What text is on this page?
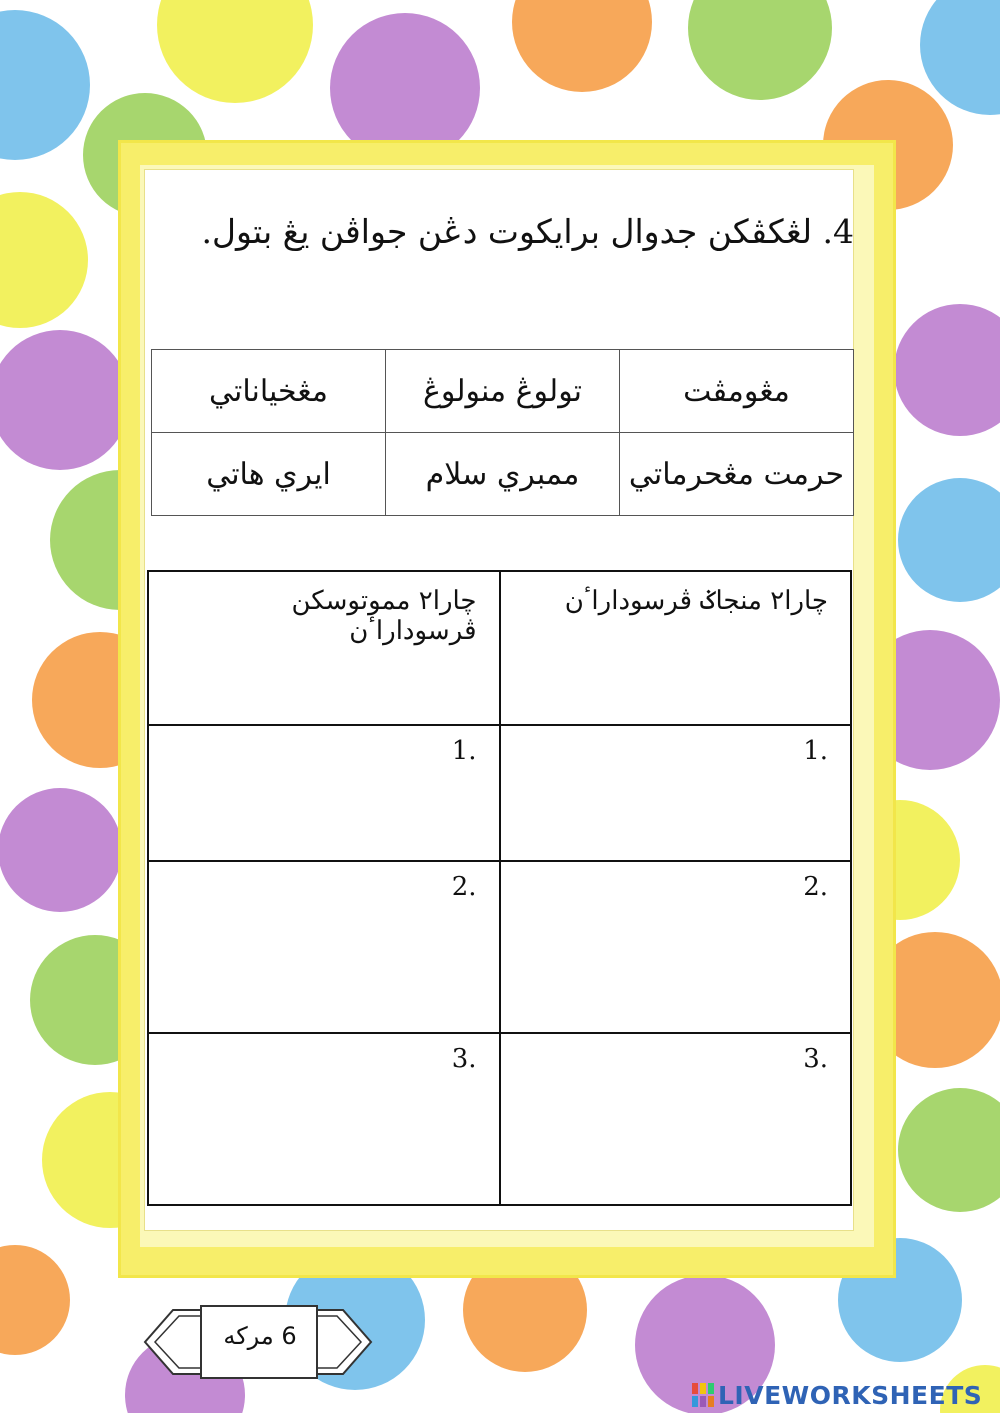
4. لڠكڤكن جدوال برايكوت دڠن جواڤن يڠ بتول.
مڠومڤت	تولوڠ منولوڠ	مڠخياناتي
حرمت مڠحرماتي	ممبري سلام	ايري هاتي
چارا٢ منجاݢ ڤرسوداراٴن	چارا٢ مموتوسكن ڤرسوداراٴن
.1	.1
.2	.2
.3	.3
6 مركه
LIVEWORKSHEETS
